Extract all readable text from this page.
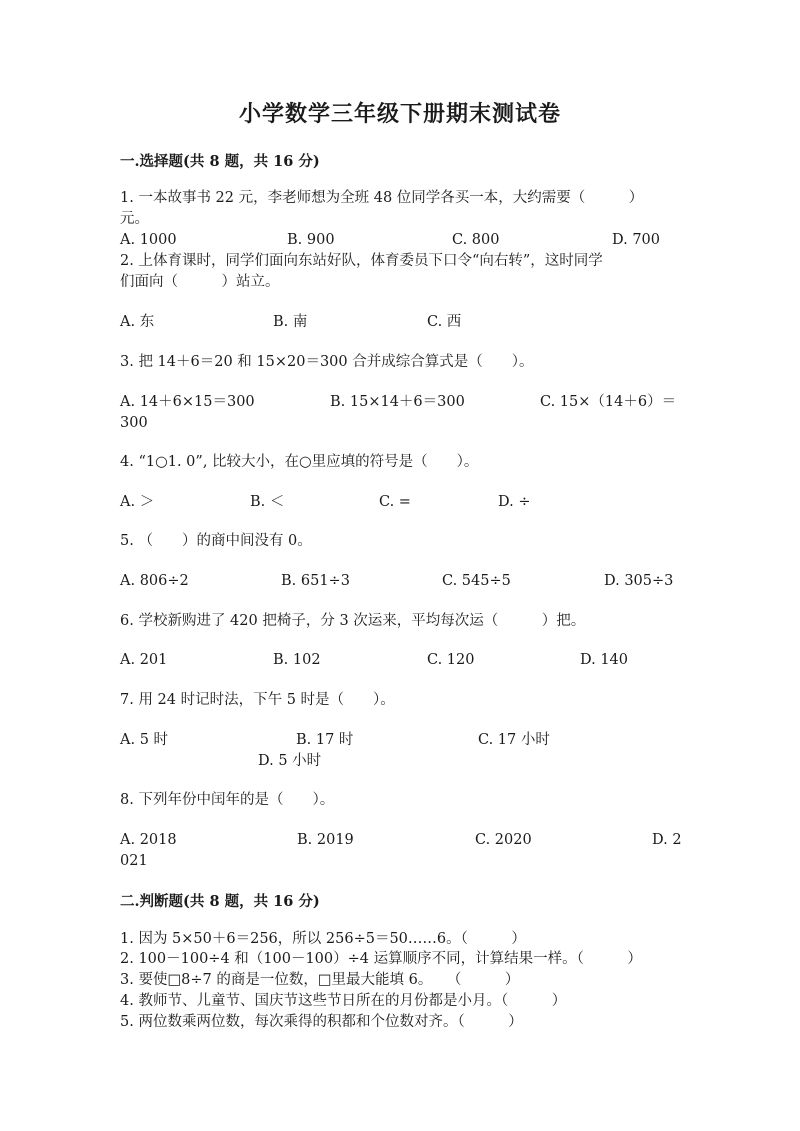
小学数学三年级下册期末测试卷
一.选择题(共 8 题，共 16 分)
1. 一本故事书 22 元，李老师想为全班 48 位同学各买一本，大约需要（　　　）
元。
A. 1000	B. 900	C. 800	D. 700
2. 上体育课时，同学们面向东站好队，体育委员下口令“向右转”，这时同学
们面向（　　　）站立。
A. 东	B. 南	C. 西
3. 把 14＋6＝20 和 15×20＝300 合并成综合算式是（　　）。
A. 14＋6×15＝300	B. 15×14＋6＝300	C. 15×（14＋6）＝
300
4. “1○1. 0”, 比较大小，在○里应填的符号是（　　）。
A. ＞	B. ＜	C. =	D. ÷
5. （　　）的商中间没有 0。
A. 806÷2	B. 651÷3	C. 545÷5	D. 305÷3
6. 学校新购进了 420 把椅子，分 3 次运来，平均每次运（　　　）把。
A. 201	B. 102	C. 120	D. 140
7. 用 24 时记时法，下午 5 时是（　　）。
A. 5 时	B. 17 时	C. 17 小时
D. 5 小时
8. 下列年份中闰年的是（　　）。
A. 2018	B. 2019	C. 2020	D. 2
021
二.判断题(共 8 题，共 16 分)
1. 因为 5×50＋6＝256，所以 256÷5＝50……6。（　　　）
2. 100－100÷4 和（100－100）÷4 运算顺序不同，计算结果一样。（　　　）
3. 要使□8÷7 的商是一位数，□里最大能填 6。　　（　　　）
4. 教师节、儿童节、国庆节这些节日所在的月份都是小月。（　　　）
5. 两位数乘两位数，每次乘得的积都和个位数对齐。（　　　）
